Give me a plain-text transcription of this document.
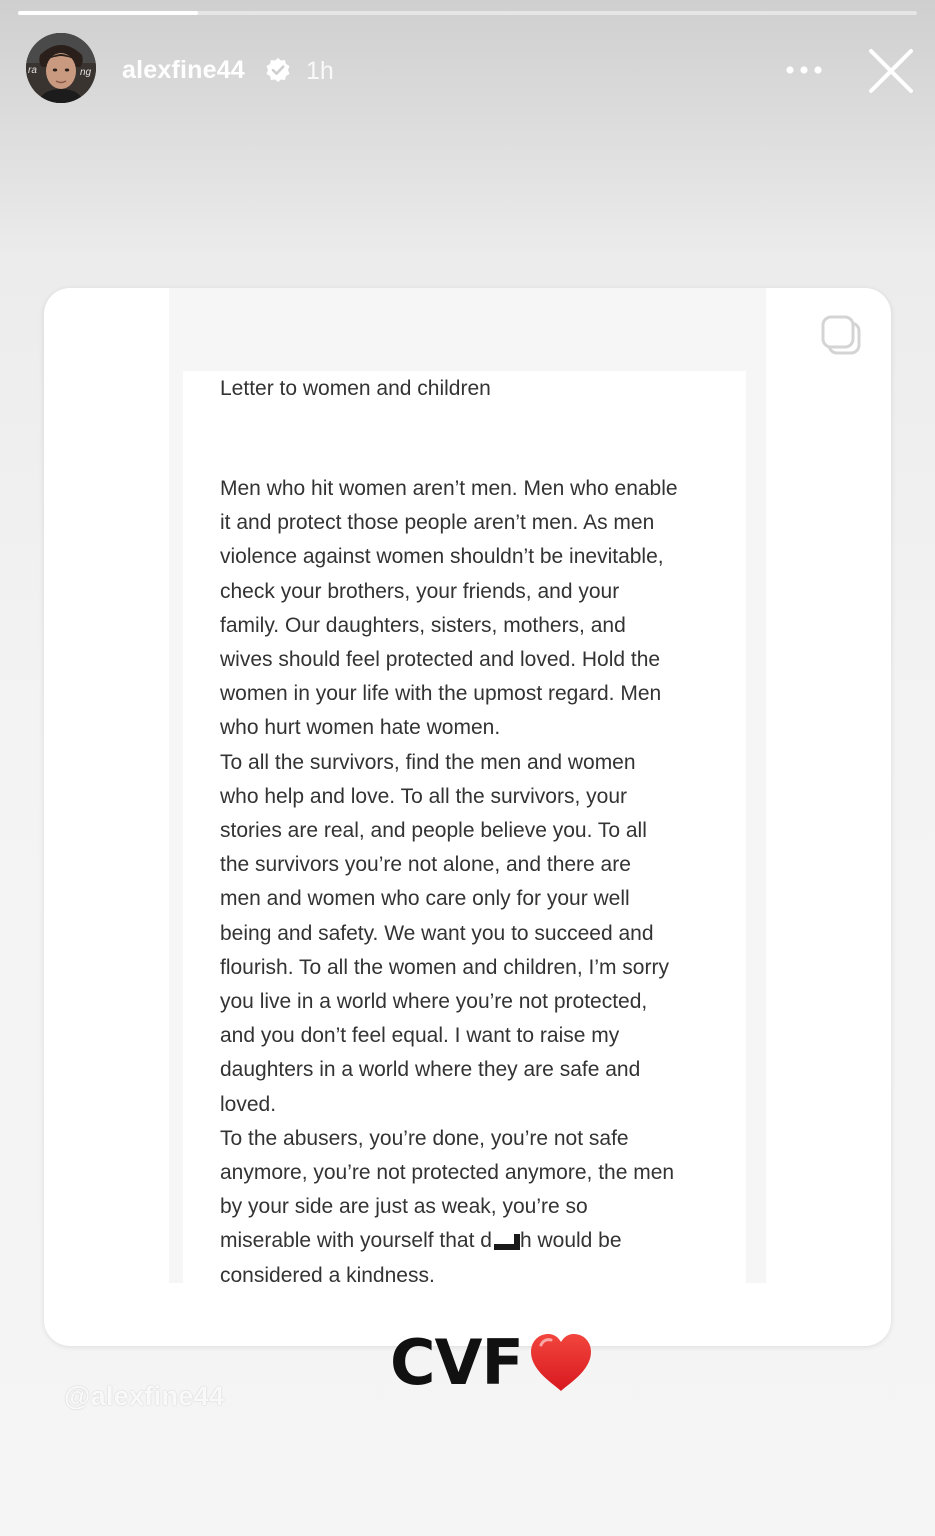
ra	ng alexfine44 1h
Letter to women and children
Men who hit women aren’t men. Men who enable
it and protect those people aren’t men. As men
violence against women shouldn’t be inevitable,
check your brothers, your friends, and your
family. Our daughters, sisters, mothers, and
wives should feel protected and loved. Hold the
women in your life with the upmost regard. Men
who hurt women hate women.
To all the survivors, find the men and women
who help and love. To all the survivors, your
stories are real, and people believe you. To all
the survivors you’re not alone, and there are
men and women who care only for your well
being and safety. We want you to succeed and
flourish. To all the women and children, I’m sorry
you live in a world where you’re not protected,
and you don’t feel equal. I want to raise my
daughters in a world where they are safe and
loved.
To the abusers, you’re done, you’re not safe
anymore, you’re not protected anymore, the men
by your side are just as weak, you’re so
miserable with yourself that d h would be
considered a kindness.
CVF
@alexfine44
